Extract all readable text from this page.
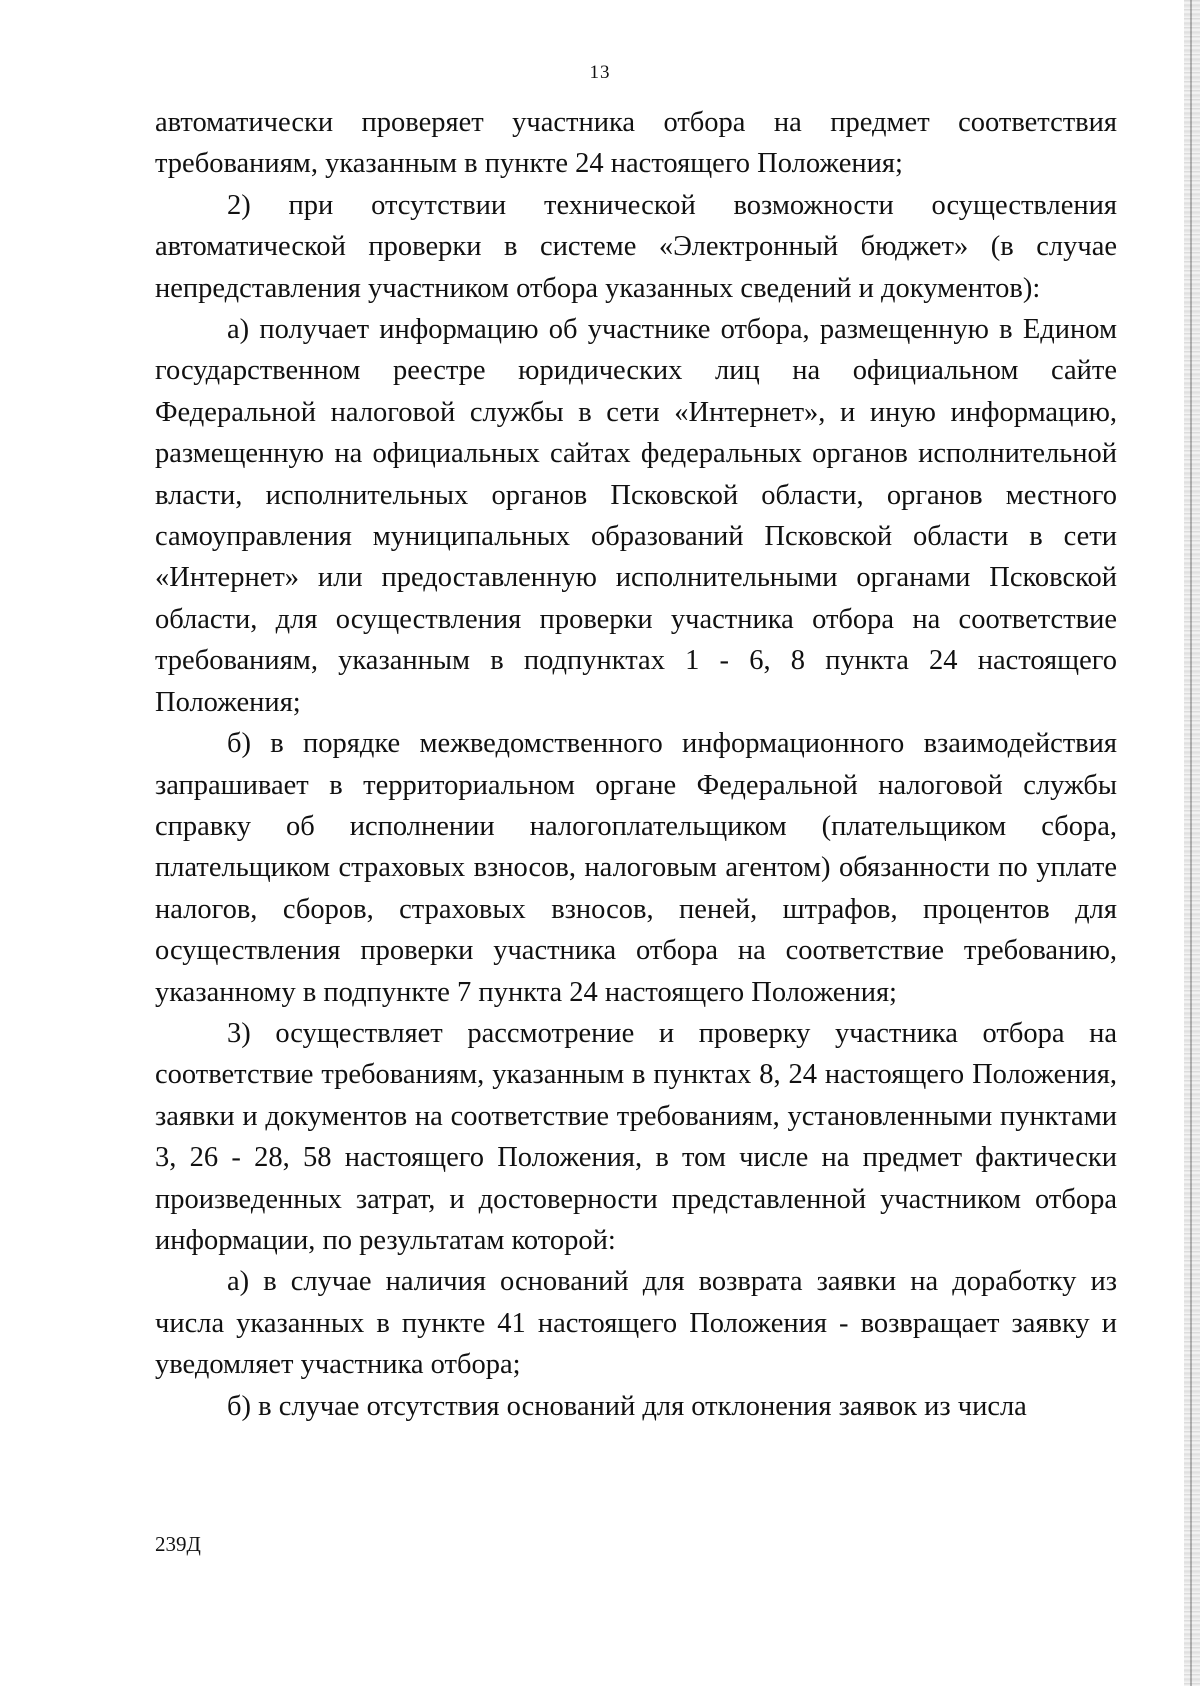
13

автоматически проверяет участника отбора на предмет соответствия требованиям, указанным в пункте 24 настоящего Положения;

2) при отсутствии технической возможности осуществления автоматической проверки в системе «Электронный бюджет» (в случае непредставления участником отбора указанных сведений и документов):

а) получает информацию об участнике отбора, размещенную в Едином государственном реестре юридических лиц на официальном сайте Федеральной налоговой службы в сети «Интернет», и иную информацию, размещенную на официальных сайтах федеральных органов исполнительной власти, исполнительных органов Псковской области, органов местного самоуправления муниципальных образований Псковской области в сети «Интернет» или предоставленную исполнительными органами Псковской области, для осуществления проверки участника отбора на соответствие требованиям, указанным в подпунктах 1 - 6, 8 пункта 24 настоящего Положения;

б) в порядке межведомственного информационного взаимодействия запрашивает в территориальном органе Федеральной налоговой службы справку об исполнении налогоплательщиком (плательщиком сбора, плательщиком страховых взносов, налоговым агентом) обязанности по уплате налогов, сборов, страховых взносов, пеней, штрафов, процентов для осуществления проверки участника отбора на соответствие требованию, указанному в подпункте 7 пункта 24 настоящего Положения;

3) осуществляет рассмотрение и проверку участника отбора на соответствие требованиям, указанным в пунктах 8, 24 настоящего Положения, заявки и документов на соответствие требованиям, установленными пунктами 3, 26 - 28, 58 настоящего Положения, в том числе на предмет фактически произведенных затрат, и достоверности представленной участником отбора информации, по результатам которой:

а) в случае наличия оснований для возврата заявки на доработку из числа указанных в пункте 41 настоящего Положения - возвращает заявку и уведомляет участника отбора;

б) в случае отсутствия оснований для отклонения заявок из числа

239Д
